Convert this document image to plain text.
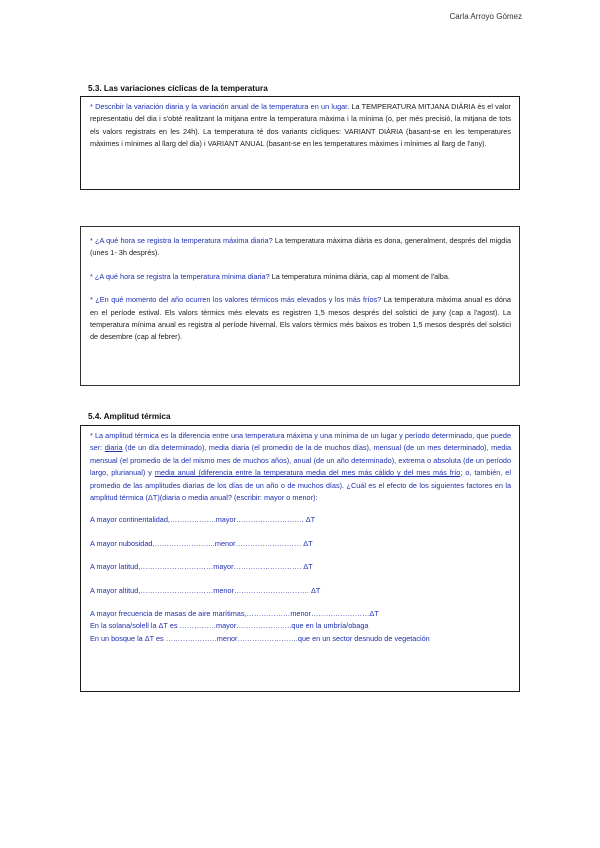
Carla Arroyo Gómez
5.3. Las variaciones cíclicas de la temperatura

* Describir la variación diaria y la variación anual de la temperatura en un lugar. La TEMPERATURA MITJANA DIÀRIA és el valor representatiu del dia i s'obté realitzant la mitjana entre la temperatura màxima i la mínima (o, per més precisió, la mitjana de tots els valors registrats en les 24h). La temperatura té dos variants cícliques: VARIANT DIÀRIA (basant-se en les temperatures màximes i mínimes al llarg del dia) i VARIANT ANUAL (basant-se en les temperatures màximes i mínimes al llarg de l'any).

* ¿A qué hora se registra la temperatura máxima diaria? La temperatura màxima diària es dona, generalment, després del migdia (unes 1- 3h després).

* ¿A qué hora se registra la temperatura mínima diaria? La temperatura mínima diària, cap al moment de l'alba.

* ¿En qué momento del año ocurren los valores térmicos más elevados y los más fríos? La temperatura màxima anual es dóna en el període estival. Els valors tèrmics més elevats es registren 1,5 mesos després del solstici de juny (cap a l'agost). La temperatura mínima anual es registra al període hivernal. Els valors tèrmics més baixos es troben 1,5 mesos després del solstici de desembre (cap al febrer).

5.4. Amplitud térmica

* La amplitud térmica es la diferencia entre una temperatura máxima y una mínima de un lugar y período determinado, que puede ser: diaria (de un día determinado), media diaria (el promedio de la de muchos días), mensual (de un mes determinado), media mensual (el promedio de la del mismo mes de muchos años), anual (de un año determinado), extrema o absoluta (de un período largo, plurianual) y media anual (diferencia entre la temperatura media del mes más cálido y del mes más frío; o, también, el promedio de las amplitudes diarias de los días de un año o de muchos días). ¿Cuál es el efecto de los siguientes factores en la amplitud térmica (ΔT)(diaria o media anual? (escribir: mayor o menor):

A mayor continentalidad,……………….mayor………………………. ΔT

A mayor nubosidad,…………………….menor……………………… ΔT

A mayor latitud,…………………………mayor………………………. ΔT

A mayor altitud,…………………………menor…………………………. ΔT

A mayor frecuencia de masas de aire marítimas,………………menor……………………ΔT

En la solana/solell la ΔT es ……………mayor…………………..que en la umbría/obaga

En un bosque la ΔT es …………………menor…………………….que en un sector desnudo de vegetación
